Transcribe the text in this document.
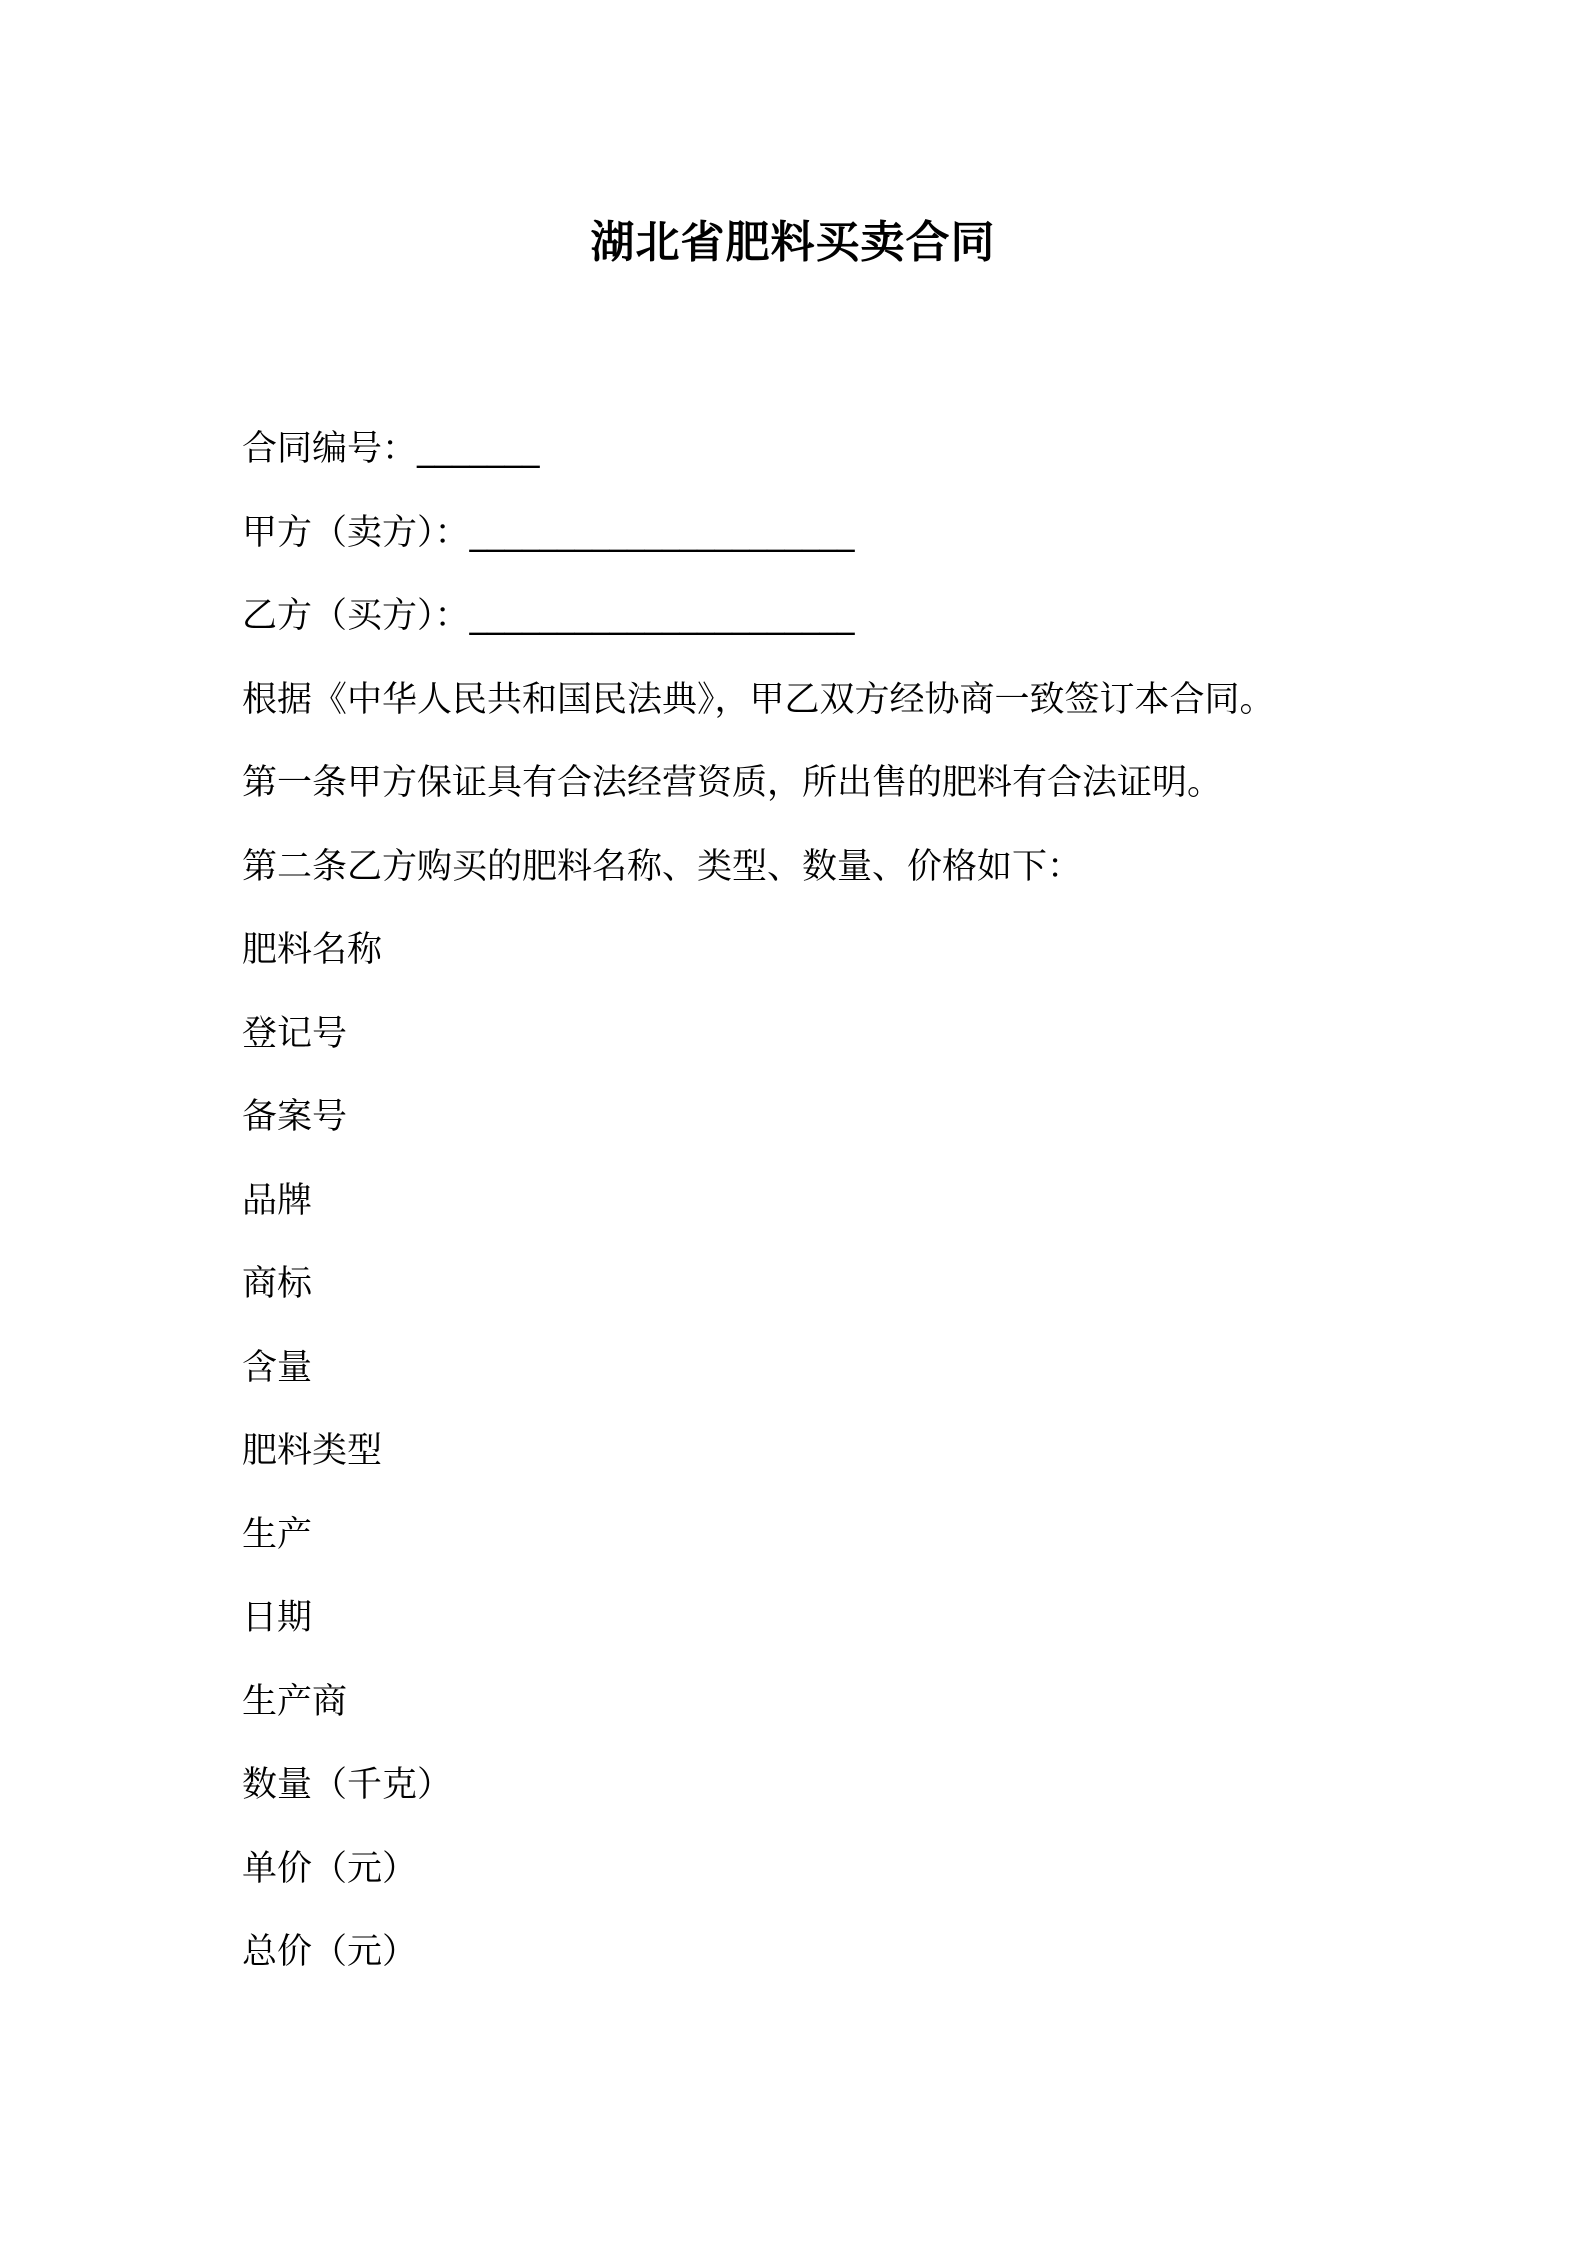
湖北省肥料买卖合同
合同编号：_______
甲方（卖方）：______________________
乙方（买方）：______________________
根据《中华人民共和国民法典》，甲乙双方经协商一致签订本合同。
第一条甲方保证具有合法经营资质，所出售的肥料有合法证明。
第二条乙方购买的肥料名称、类型、数量、价格如下：
肥料名称
登记号
备案号
品牌
商标
含量
肥料类型
生产
日期
生产商
数量（千克）
单价（元）
总价（元）
